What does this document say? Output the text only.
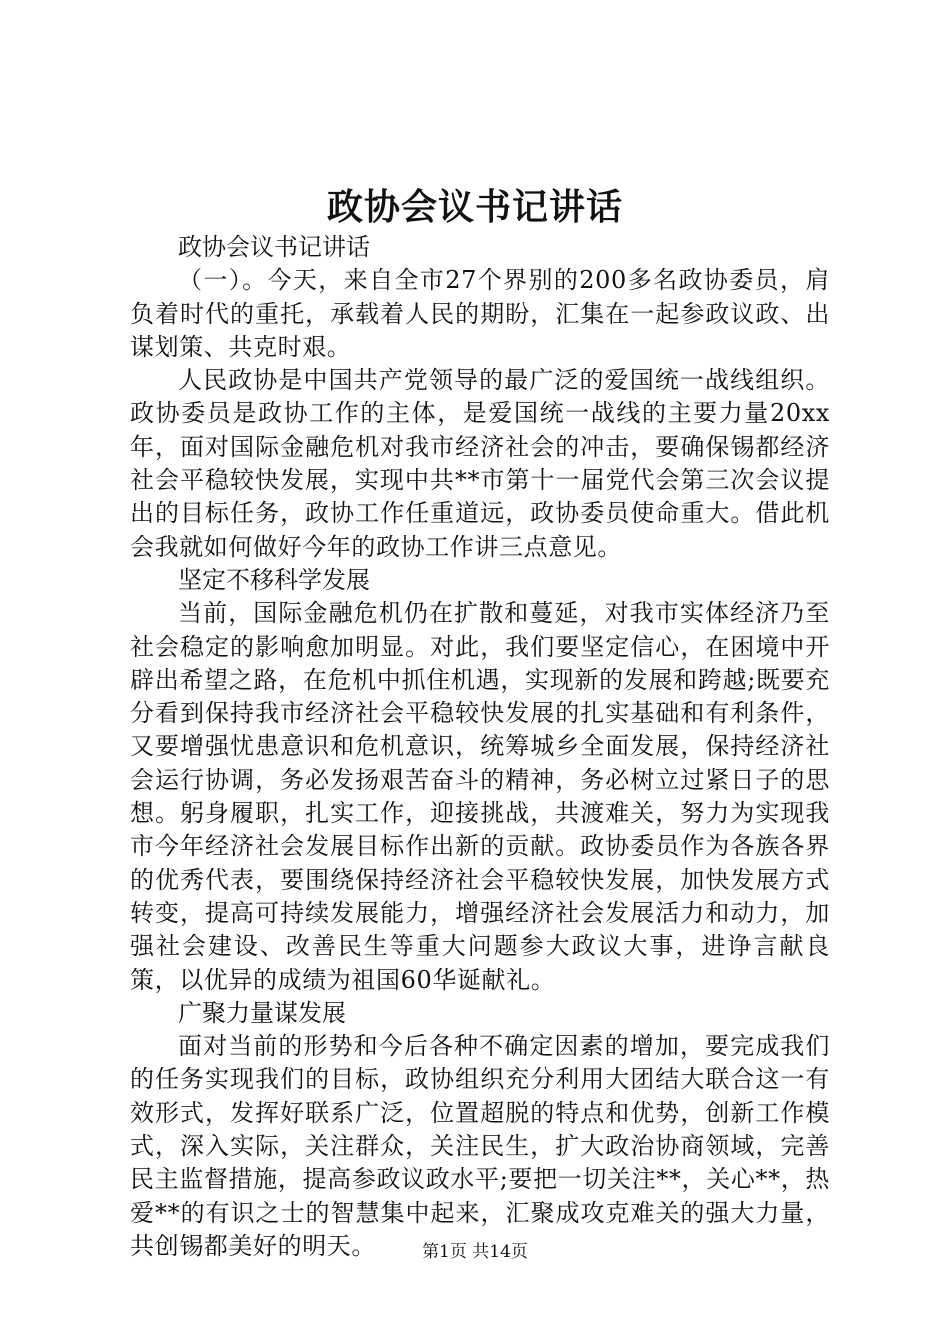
政协会议书记讲话

政协会议书记讲话

（一）。今天，来自全市27个界别的200多名政协委员，肩负着时代的重托，承载着人民的期盼，汇集在一起参政议政、出谋划策、共克时艰。

人民政协是中国共产党领导的最广泛的爱国统一战线组织。政协委员是政协工作的主体，是爱国统一战线的主要力量20xx年，面对国际金融危机对我市经济社会的冲击，要确保锡都经济社会平稳较快发展，实现中共**市第十一届党代会第三次会议提出的目标任务，政协工作任重道远，政协委员使命重大。借此机会我就如何做好今年的政协工作讲三点意见。

坚定不移科学发展

当前，国际金融危机仍在扩散和蔓延，对我市实体经济乃至社会稳定的影响愈加明显。对此，我们要坚定信心，在困境中开辟出希望之路，在危机中抓住机遇，实现新的发展和跨越;既要充分看到保持我市经济社会平稳较快发展的扎实基础和有利条件，又要增强忧患意识和危机意识，统筹城乡全面发展，保持经济社会运行协调，务必发扬艰苦奋斗的精神，务必树立过紧日子的思想。躬身履职，扎实工作，迎接挑战，共渡难关，努力为实现我市今年经济社会发展目标作出新的贡献。政协委员作为各族各界的优秀代表，要围绕保持经济社会平稳较快发展，加快发展方式转变，提高可持续发展能力，增强经济社会发展活力和动力，加强社会建设、改善民生等重大问题参大政议大事，进诤言献良策，以优异的成绩为祖国60华诞献礼。

广聚力量谋发展

面对当前的形势和今后各种不确定因素的增加，要完成我们的任务实现我们的目标，政协组织充分利用大团结大联合这一有效形式，发挥好联系广泛，位置超脱的特点和优势，创新工作模式，深入实际，关注群众，关注民生，扩大政治协商领域，完善民主监督措施，提高参政议政水平;要把一切关注**，关心**，热爱**的有识之士的智慧集中起来，汇聚成攻克难关的强大力量，共创锡都美好的明天。	第1页 共14页
